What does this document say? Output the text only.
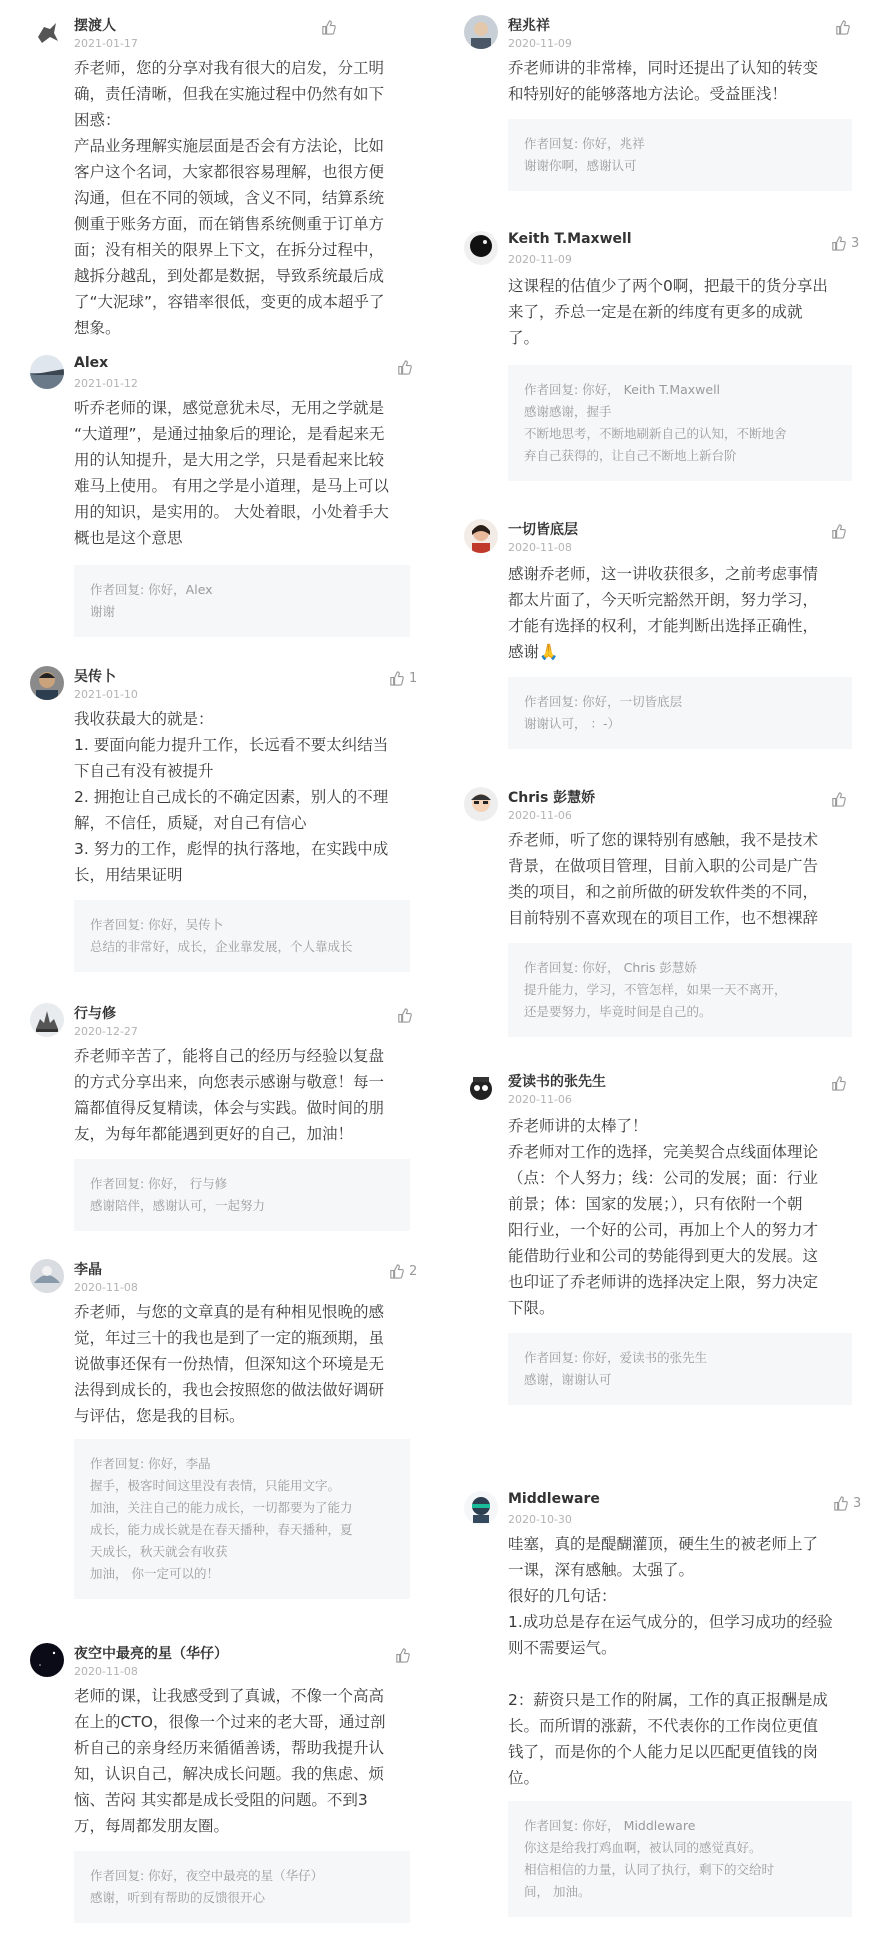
摆渡人
2021-01-17
乔老师，您的分享对我有很大的启发，分工明
确，责任清晰，但我在实施过程中仍然有如下
困惑：
产品业务理解实施层面是否会有方法论，比如
客户这个名词，大家都很容易理解，也很方便
沟通，但在不同的领域，含义不同，结算系统
侧重于账务方面，而在销售系统侧重于订单方
面；没有相关的限界上下文，在拆分过程中，
越拆分越乱，到处都是数据，导致系统最后成
了“大泥球”，容错率很低，变更的成本超乎了
想象。
Alex
2021-01-12
听乔老师的课，感觉意犹未尽，无用之学就是
“大道理”，是通过抽象后的理论，是看起来无
用的认知提升，是大用之学，只是看起来比较
难马上使用。 有用之学是小道理，是马上可以
用的知识，是实用的。 大处着眼，小处着手大
概也是这个意思
作者回复: 你好，Alex
谢谢
吴传卜
2021-01-10
1
我收获最大的就是：
1. 要面向能力提升工作，长远看不要太纠结当
下自己有没有被提升
2. 拥抱让自己成长的不确定因素，别人的不理
解，不信任，质疑，对自己有信心
3. 努力的工作，彪悍的执行落地，在实践中成
长，用结果证明
作者回复: 你好，吴传卜
总结的非常好，成长，企业靠发展，个人靠成长
行与修
2020-12-27
乔老师辛苦了，能将自己的经历与经验以复盘
的方式分享出来，向您表示感谢与敬意！每一
篇都值得反复精读，体会与实践。做时间的朋
友，为每年都能遇到更好的自己，加油！
作者回复: 你好， 行与修
感谢陪伴，感谢认可，一起努力
李晶
2020-11-08
2
乔老师，与您的文章真的是有种相见恨晚的感
觉，年过三十的我也是到了一定的瓶颈期，虽
说做事还保有一份热情，但深知这个环境是无
法得到成长的，我也会按照您的做法做好调研
与评估，您是我的目标。
作者回复: 你好，李晶
握手，极客时间这里没有表情，只能用文字。
加油，关注自己的能力成长，一切都要为了能力
成长，能力成长就是在春天播种，春天播种，夏
天成长，秋天就会有收获
加油， 你一定可以的！
夜空中最亮的星（华仔）
2020-11-08
老师的课，让我感受到了真诚，不像一个高高
在上的CTO，很像一个过来的老大哥，通过剖
析自己的亲身经历来循循善诱，帮助我提升认
知，认识自己，解决成长问题。我的焦虑、烦
恼、苦闷 其实都是成长受阻的问题。不到3
万，每周都发朋友圈。
作者回复: 你好，夜空中最亮的星（华仔）
感谢，听到有帮助的反馈很开心
程兆祥
2020-11-09
乔老师讲的非常棒，同时还提出了认知的转变
和特别好的能够落地方法论。受益匪浅！
作者回复: 你好，兆祥
谢谢你啊，感谢认可
Keith T.Maxwell
2020-11-09
3
这课程的估值少了两个0啊，把最干的货分享出
来了，乔总一定是在新的纬度有更多的成就
了。
作者回复: 你好， Keith T.Maxwell
感谢感谢，握手
不断地思考，不断地刷新自己的认知，不断地舍
弃自己获得的，让自己不断地上新台阶
一切皆底层
2020-11-08
感谢乔老师，这一讲收获很多，之前考虑事情
都太片面了，今天听完豁然开朗，努力学习，
才能有选择的权利，才能判断出选择正确性，
感谢🙏
作者回复: 你好，一切皆底层
谢谢认可， ：-）
Chris 彭慧娇
2020-11-06
乔老师，听了您的课特别有感触，我不是技术
背景，在做项目管理，目前入职的公司是广告
类的项目，和之前所做的研发软件类的不同，
目前特别不喜欢现在的项目工作，也不想裸辞
作者回复: 你好， Chris 彭慧娇
提升能力，学习，不管怎样，如果一天不离开，
还是要努力，毕竟时间是自己的。
爱读书的张先生
2020-11-06
乔老师讲的太棒了！
乔老师对工作的选择，完美契合点线面体理论
（点：个人努力；线：公司的发展；面：行业
前景；体：国家的发展；），只有依附一个朝
阳行业，一个好的公司，再加上个人的努力才
能借助行业和公司的势能得到更大的发展。这
也印证了乔老师讲的选择决定上限，努力决定
下限。
作者回复: 你好，爱读书的张先生
感谢，谢谢认可
Middleware
2020-10-30
3
哇塞，真的是醍醐灌顶，硬生生的被老师上了
一课，深有感触。太强了。
很好的几句话：
1.成功总是存在运气成分的，但学习成功的经验
则不需要运气。
2：薪资只是工作的附属，工作的真正报酬是成
长。而所谓的涨薪，不代表你的工作岗位更值
钱了，而是你的个人能力足以匹配更值钱的岗
位。
作者回复: 你好， Middleware
你这是给我打鸡血啊，被认同的感觉真好。
相信相信的力量，认同了执行，剩下的交给时
间， 加油。
